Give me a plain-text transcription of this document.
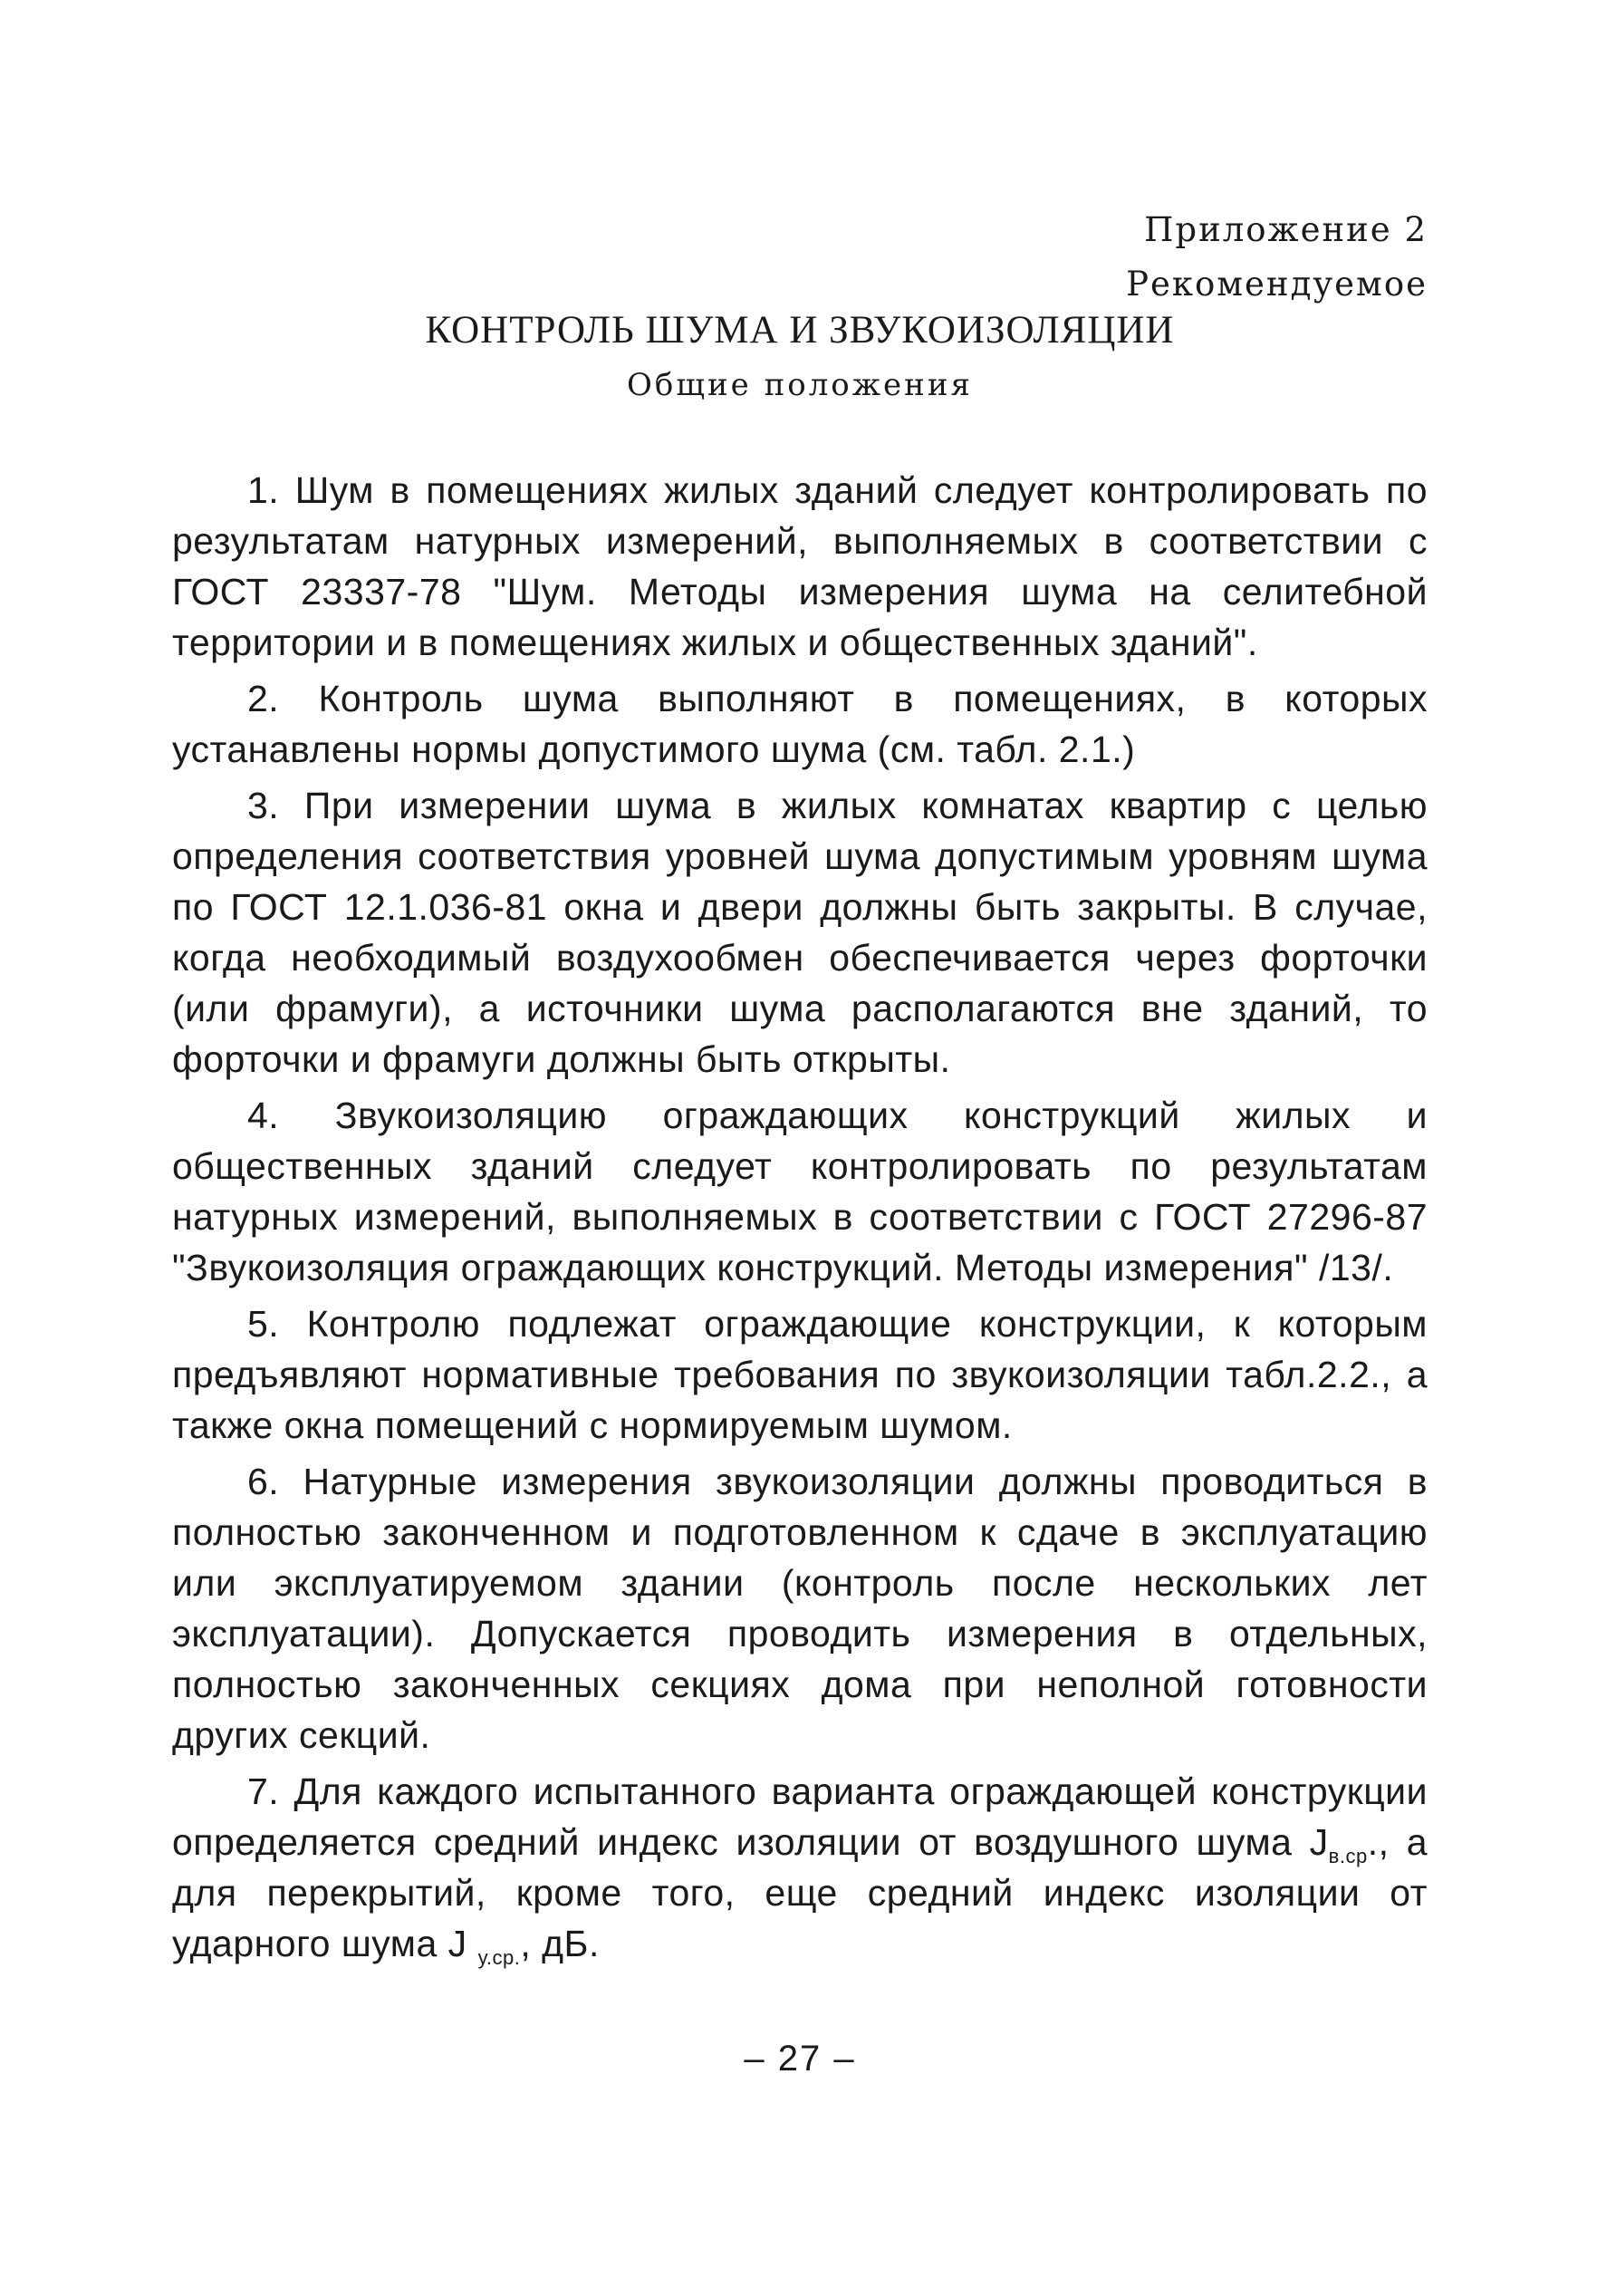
Приложение 2
Рекомендуемое
КОНТРОЛЬ ШУМА И ЗВУКОИЗОЛЯЦИИ
Общие положения

1. Шум в помещениях жилых зданий следует контролировать по результатам натурных измерений, выполняемых в соответствии с ГОСТ 23337-78 "Шум. Методы измерения шума на селитебной территории и в помещениях жилых и общественных зданий".

2. Контроль шума выполняют в помещениях, в которых устанавлены нормы допустимого шума (см. табл. 2.1.)

3. При измерении шума в жилых комнатах квартир с целью определения соответствия уровней шума допустимым уровням шума по ГОСТ 12.1.036-81 окна и двери должны быть закрыты. В случае, когда необходимый воздухообмен обеспечивается через форточки (или фрамуги), а источники шума располагаются вне зданий, то форточки и фрамуги должны быть открыты.

4. Звукоизоляцию ограждающих конструкций жилых и общественных зданий следует контролировать по результатам натурных измерений, выполняемых в соответствии с ГОСТ 27296-87 "Звукоизоляция ограждающих конструкций. Методы измерения" /13/.

5. Контролю подлежат ограждающие конструкции, к которым предъявляют нормативные требования по звукоизоляции табл.2.2., а также окна помещений с нормируемым шумом.

6. Натурные измерения звукоизоляции должны проводиться в полностью законченном и подготовленном к сдаче в эксплуатацию или эксплуатируемом здании (контроль после нескольких лет эксплуатации). Допускается проводить измерения в отдельных, полностью законченных секциях дома при неполной готовности других секций.

7. Для каждого испытанного варианта ограждающей конструкции определяется средний индекс изоляции от воздушного шума $J_{в.ср}$., а для перекрытий, кроме того, еще средний индекс изоляции от ударного шума J $_{у.ср.}$, дБ.

– 27 –
